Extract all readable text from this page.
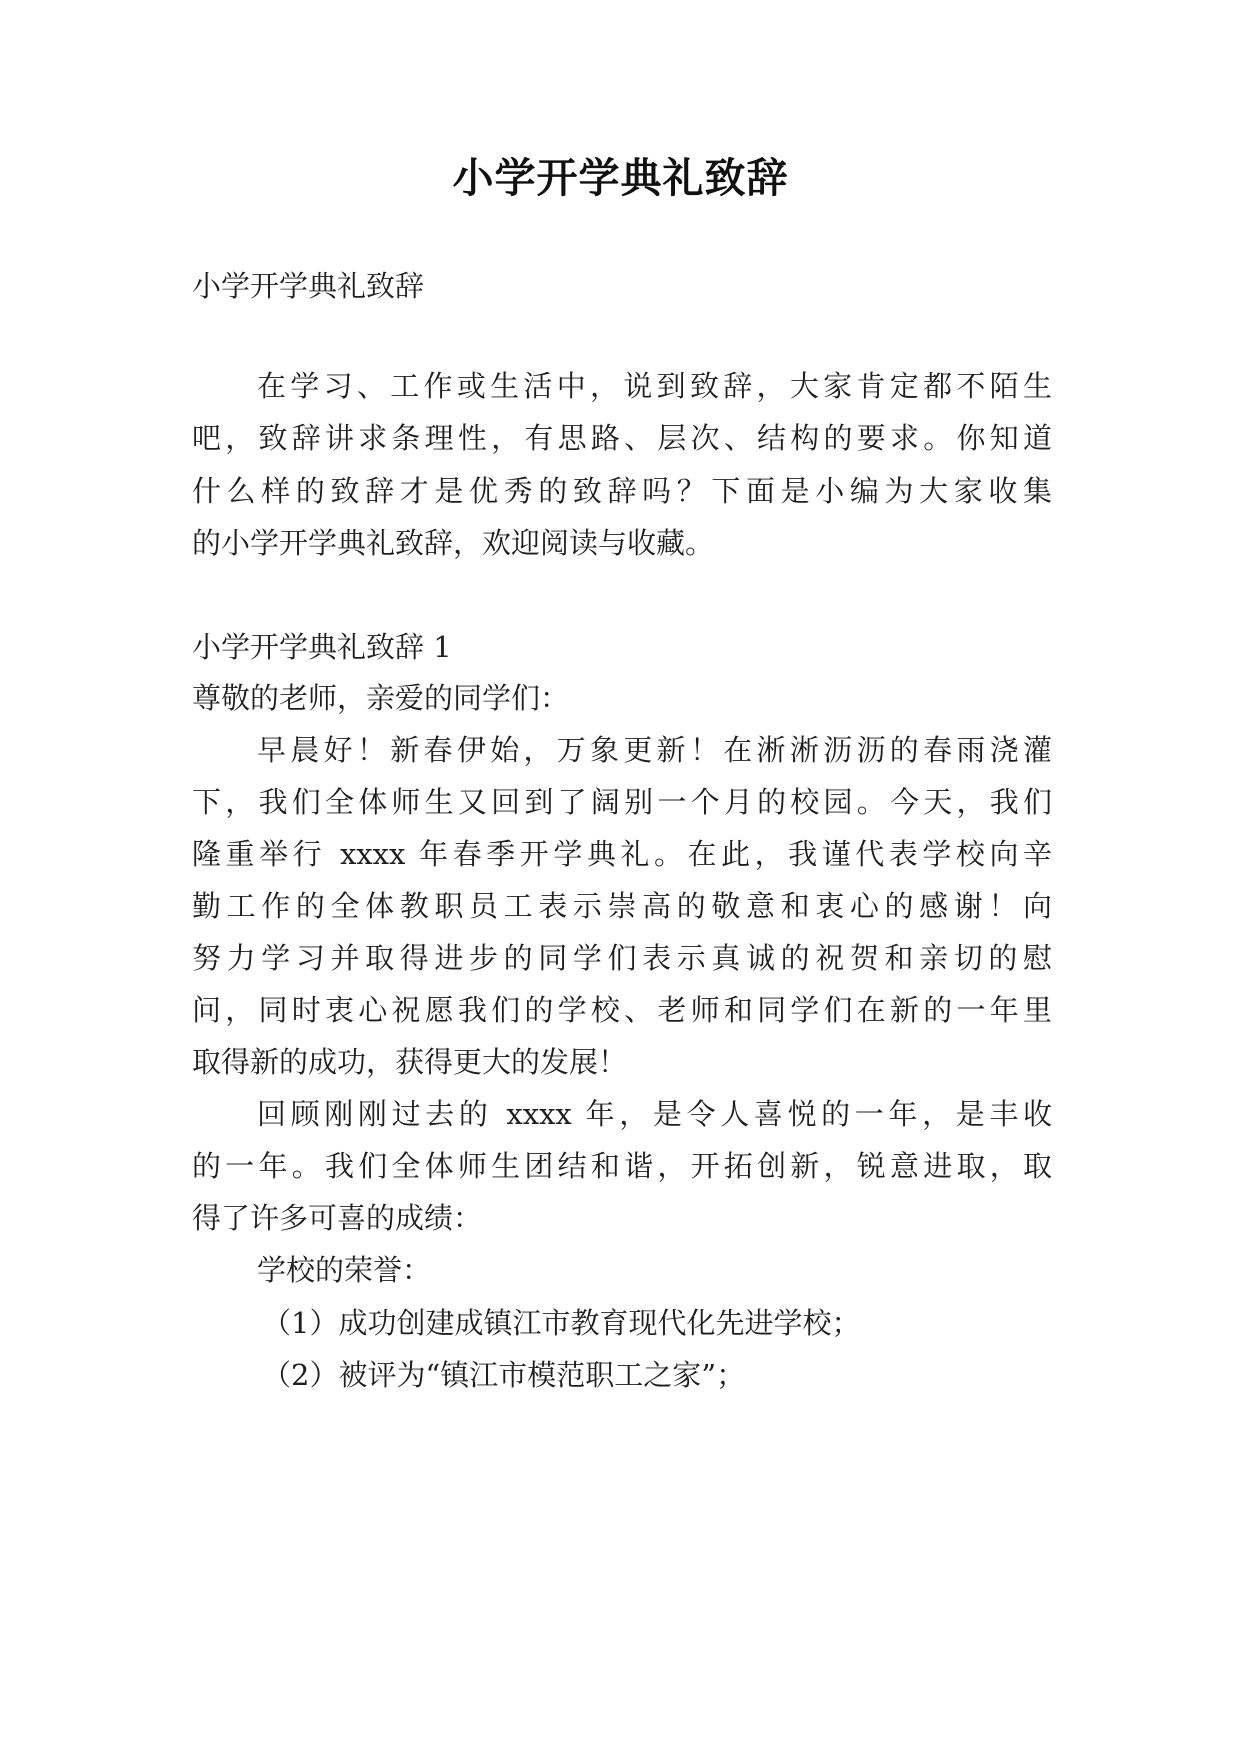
小学开学典礼致辞
小学开学典礼致辞
在学习、工作或生活中，说到致辞，大家肯定都不陌生
吧，致辞讲求条理性，有思路、层次、结构的要求。你知道
什么样的致辞才是优秀的致辞吗？下面是小编为大家收集
的小学开学典礼致辞，欢迎阅读与收藏。
小学开学典礼致辞 1
尊敬的老师，亲爱的同学们：
早晨好！新春伊始，万象更新！在淅淅沥沥的春雨浇灌
下，我们全体师生又回到了阔别一个月的校园。今天，我们
隆重举行 xxxx 年春季开学典礼。在此，我谨代表学校向辛
勤工作的全体教职员工表示崇高的敬意和衷心的感谢！向
努力学习并取得进步的同学们表示真诚的祝贺和亲切的慰
问，同时衷心祝愿我们的学校、老师和同学们在新的一年里
取得新的成功，获得更大的发展！
回顾刚刚过去的 xxxx 年，是令人喜悦的一年，是丰收
的一年。我们全体师生团结和谐，开拓创新，锐意进取，取
得了许多可喜的成绩：
学校的荣誉：
（1）成功创建成镇江市教育现代化先进学校；
（2）被评为“镇江市模范职工之家”；
